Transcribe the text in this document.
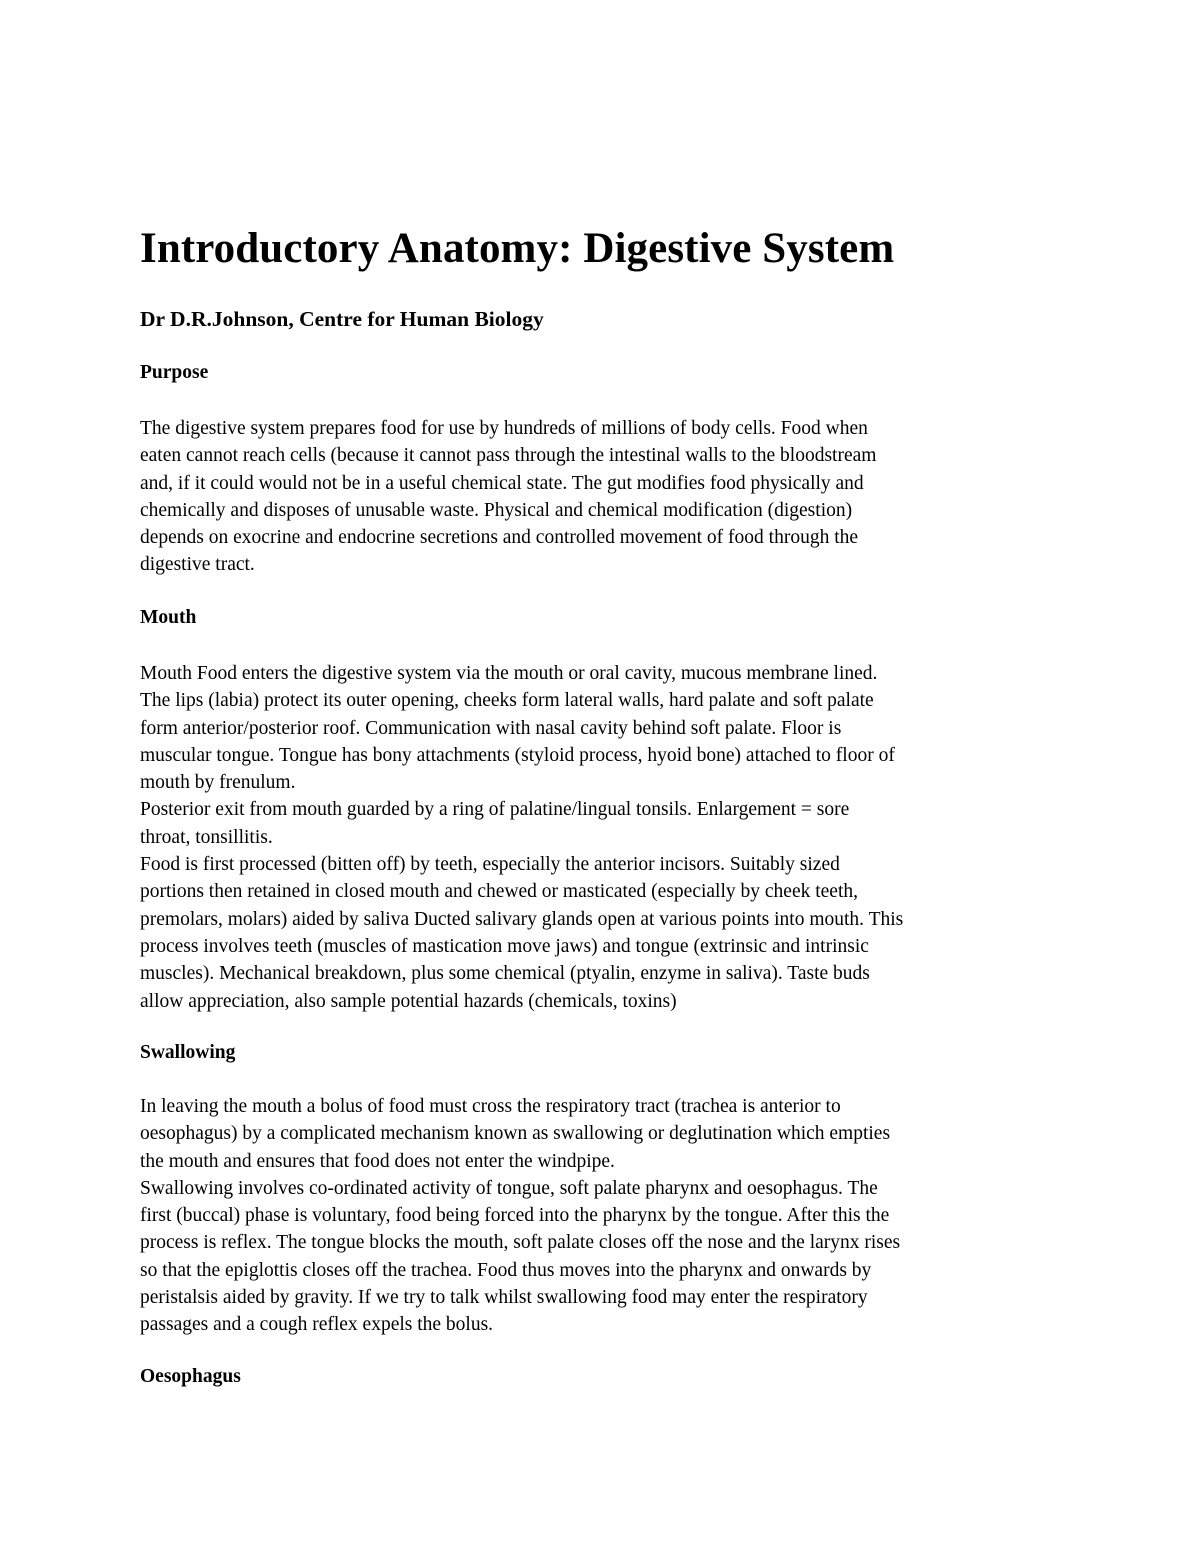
Introductory Anatomy: Digestive System

Dr D.R.Johnson, Centre for Human Biology

Purpose

The digestive system prepares food for use by hundreds of millions of body cells. Food when
eaten cannot reach cells (because it cannot pass through the intestinal walls to the bloodstream
and, if it could would not be in a useful chemical state. The gut modifies food physically and
chemically and disposes of unusable waste. Physical and chemical modification (digestion)
depends on exocrine and endocrine secretions and controlled movement of food through the
digestive tract.

Mouth

Mouth Food enters the digestive system via the mouth or oral cavity, mucous membrane lined.
The lips (labia) protect its outer opening, cheeks form lateral walls, hard palate and soft palate
form anterior/posterior roof. Communication with nasal cavity behind soft palate. Floor is
muscular tongue. Tongue has bony attachments (styloid process, hyoid bone) attached to floor of
mouth by frenulum.
Posterior exit from mouth guarded by a ring of palatine/lingual tonsils. Enlargement = sore
throat, tonsillitis.
Food is first processed (bitten off) by teeth, especially the anterior incisors. Suitably sized
portions then retained in closed mouth and chewed or masticated (especially by cheek teeth,
premolars, molars) aided by saliva Ducted salivary glands open at various points into mouth. This
process involves teeth (muscles of mastication move jaws) and tongue (extrinsic and intrinsic
muscles). Mechanical breakdown, plus some chemical (ptyalin, enzyme in saliva). Taste buds
allow appreciation, also sample potential hazards (chemicals, toxins)

Swallowing

In leaving the mouth a bolus of food must cross the respiratory tract (trachea is anterior to
oesophagus) by a complicated mechanism known as swallowing or deglutination which empties
the mouth and ensures that food does not enter the windpipe.
Swallowing involves co-ordinated activity of tongue, soft palate pharynx and oesophagus. The
first (buccal) phase is voluntary, food being forced into the pharynx by the tongue. After this the
process is reflex. The tongue blocks the mouth, soft palate closes off the nose and the larynx rises
so that the epiglottis closes off the trachea. Food thus moves into the pharynx and onwards by
peristalsis aided by gravity. If we try to talk whilst swallowing food may enter the respiratory
passages and a cough reflex expels the bolus.

Oesophagus
